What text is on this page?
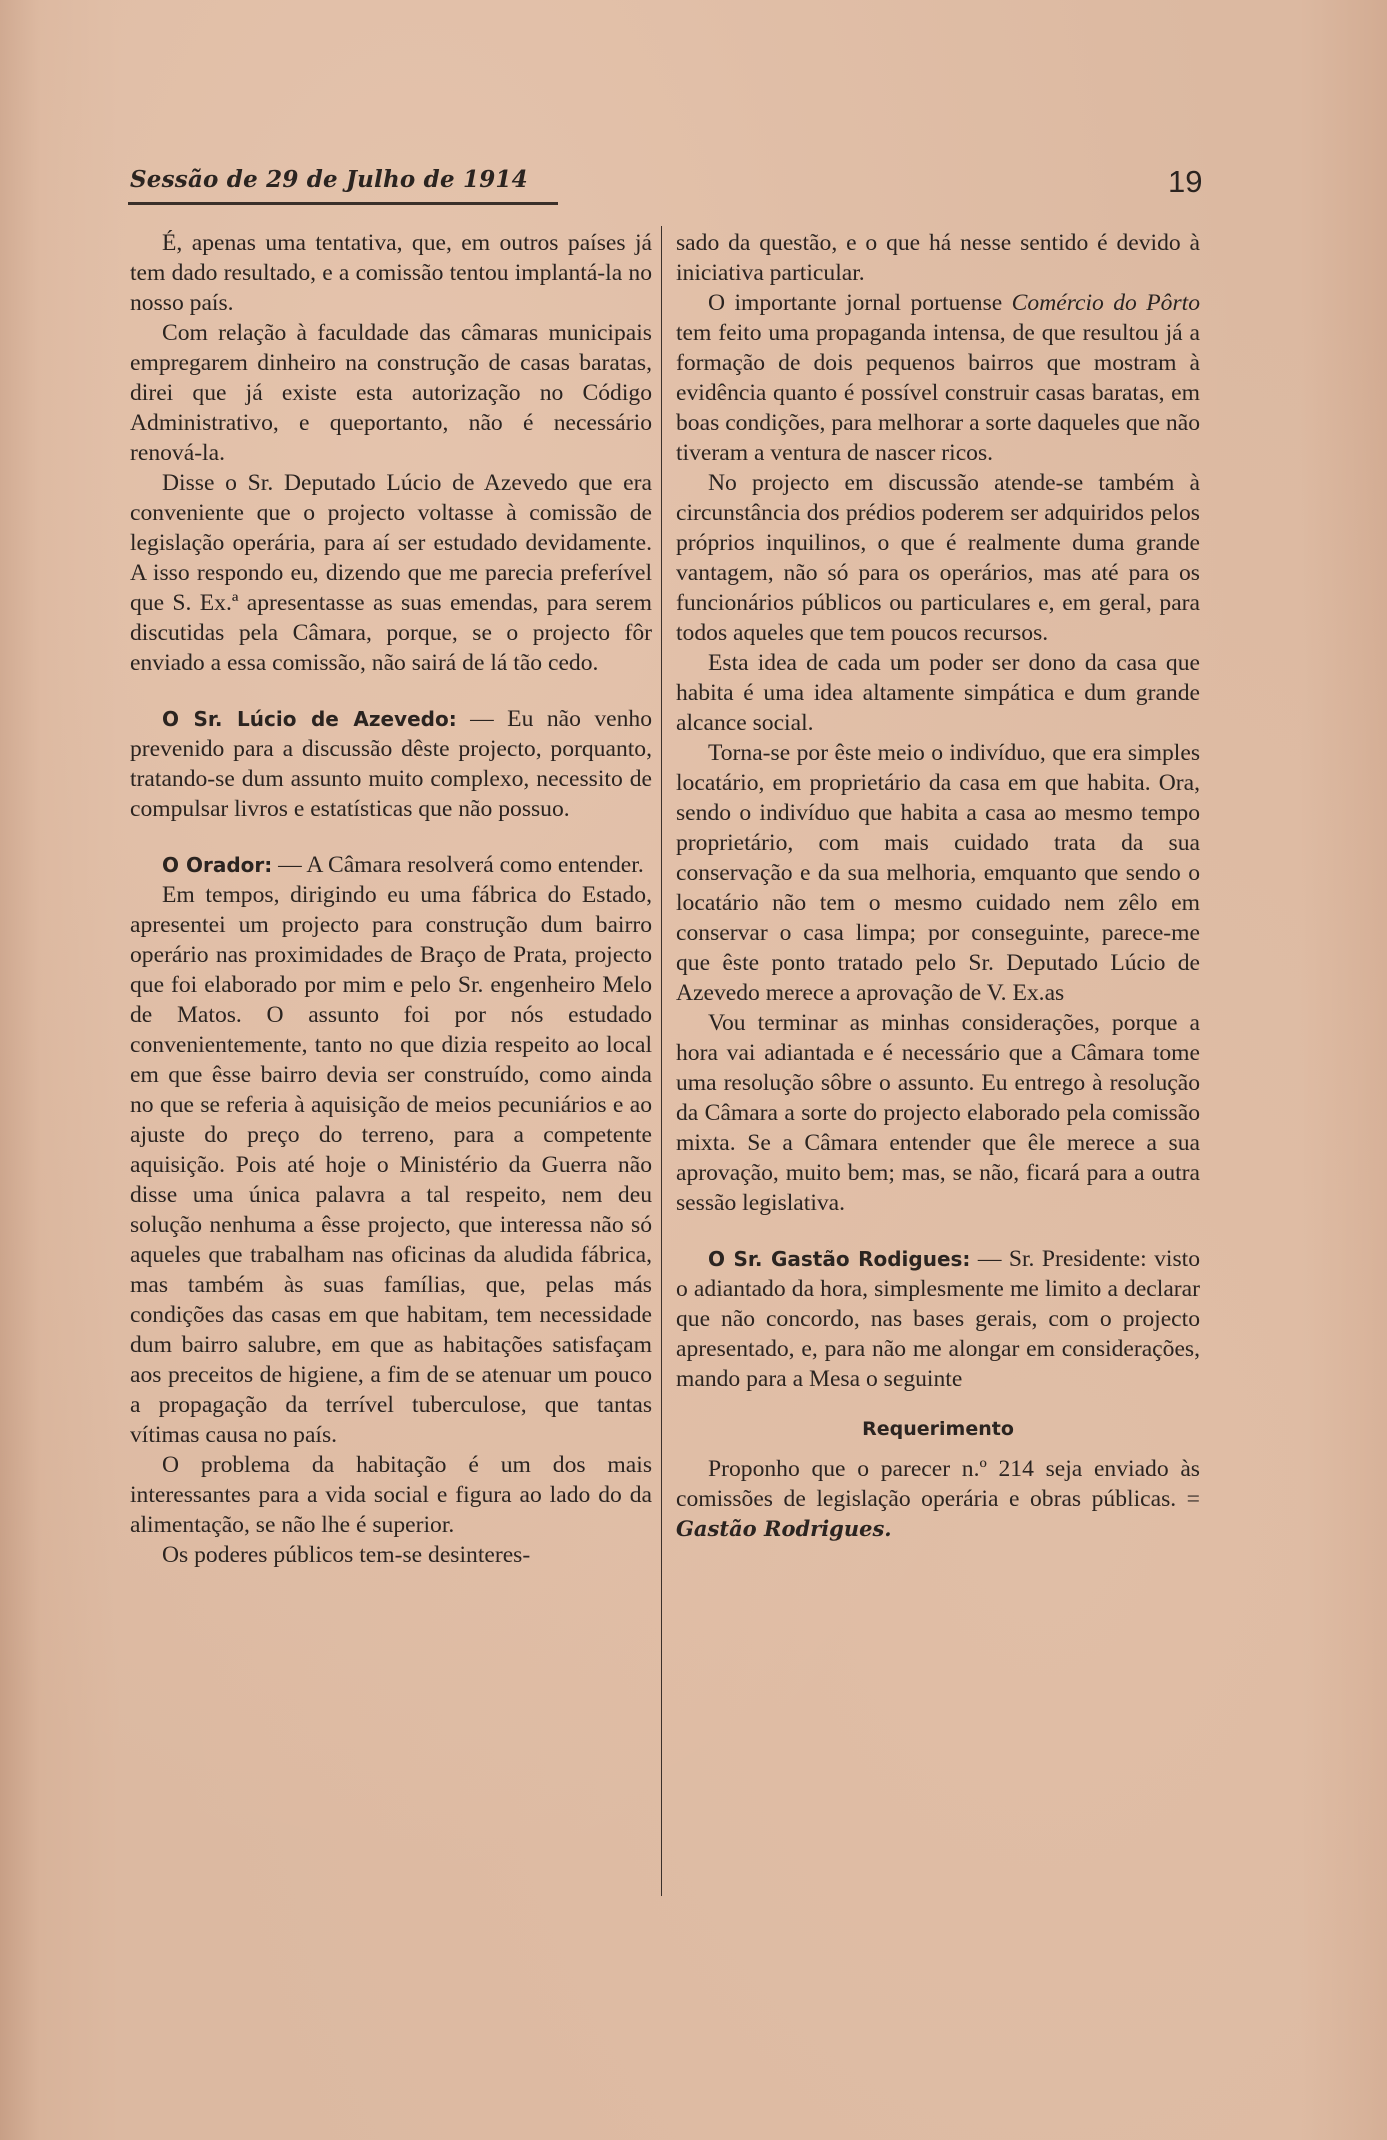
Sessão de 29 de Julho de 1914	19

É, apenas uma tentativa, que, em outros países já tem dado resultado, e a comissão tentou implantá-la no nosso país.

Com relação à faculdade das câmaras municipais empregarem dinheiro na construção de casas baratas, direi que já existe esta autorização no Código Administrativo, e queportanto, não é necessário renová-la.

Disse o Sr. Deputado Lúcio de Azevedo que era conveniente que o projecto voltasse à comissão de legislação operária, para aí ser estudado devidamente. A isso respondo eu, dizendo que me parecia preferível que S. Ex.ª apresentasse as suas emendas, para serem discutidas pela Câmara, porque, se o projecto fôr enviado a essa comissão, não sairá de lá tão cedo.

O Sr. Lúcio de Azevedo: — Eu não venho prevenido para a discussão dêste projecto, porquanto, tratando-se dum assunto muito complexo, necessito de compulsar livros e estatísticas que não possuo.

O Orador: — A Câmara resolverá como entender.

Em tempos, dirigindo eu uma fábrica do Estado, apresentei um projecto para construção dum bairro operário nas proximidades de Braço de Prata, projecto que foi elaborado por mim e pelo Sr. engenheiro Melo de Matos. O assunto foi por nós estudado convenientemente, tanto no que dizia respeito ao local em que êsse bairro devia ser construído, como ainda no que se referia à aquisição de meios pecuniários e ao ajuste do preço do terreno, para a competente aquisição. Pois até hoje o Ministério da Guerra não disse uma única palavra a tal respeito, nem deu solução nenhuma a êsse projecto, que interessa não só aqueles que trabalham nas oficinas da aludida fábrica, mas também às suas famílias, que, pelas más condições das casas em que habitam, tem necessidade dum bairro salubre, em que as habitações satisfaçam aos preceitos de higiene, a fim de se atenuar um pouco a propagação da terrível tuberculose, que tantas vítimas causa no país.

O problema da habitação é um dos mais interessantes para a vida social e figura ao lado do da alimentação, se não lhe é superior.

Os poderes públicos tem-se desinteres-

sado da questão, e o que há nesse sentido é devido à iniciativa particular.

O importante jornal portuense Comércio do Pôrto tem feito uma propaganda intensa, de que resultou já a formação de dois pequenos bairros que mostram à evidência quanto é possível construir casas baratas, em boas condições, para melhorar a sorte daqueles que não tiveram a ventura de nascer ricos.

No projecto em discussão atende-se também à circunstância dos prédios poderem ser adquiridos pelos próprios inquilinos, o que é realmente duma grande vantagem, não só para os operários, mas até para os funcionários públicos ou particulares e, em geral, para todos aqueles que tem poucos recursos.

Esta idea de cada um poder ser dono da casa que habita é uma idea altamente simpática e dum grande alcance social.

Torna-se por êste meio o indivíduo, que era simples locatário, em proprietário da casa em que habita. Ora, sendo o indivíduo que habita a casa ao mesmo tempo proprietário, com mais cuidado trata da sua conservação e da sua melhoria, emquanto que sendo o locatário não tem o mesmo cuidado nem zêlo em conservar o casa limpa; por conseguinte, parece-me que êste ponto tratado pelo Sr. Deputado Lúcio de Azevedo merece a aprovação de V. Ex.as

Vou terminar as minhas considerações, porque a hora vai adiantada e é necessário que a Câmara tome uma resolução sôbre o assunto. Eu entrego à resolução da Câmara a sorte do projecto elaborado pela comissão mixta. Se a Câmara entender que êle merece a sua aprovação, muito bem; mas, se não, ficará para a outra sessão legislativa.

O Sr. Gastão Rodigues: — Sr. Presidente: visto o adiantado da hora, simplesmente me limito a declarar que não concordo, nas bases gerais, com o projecto apresentado, e, para não me alongar em considerações, mando para a Mesa o seguinte

Requerimento

Proponho que o parecer n.º 214 seja enviado às comissões de legislação operária e obras públicas. = Gastão Rodrigues.
